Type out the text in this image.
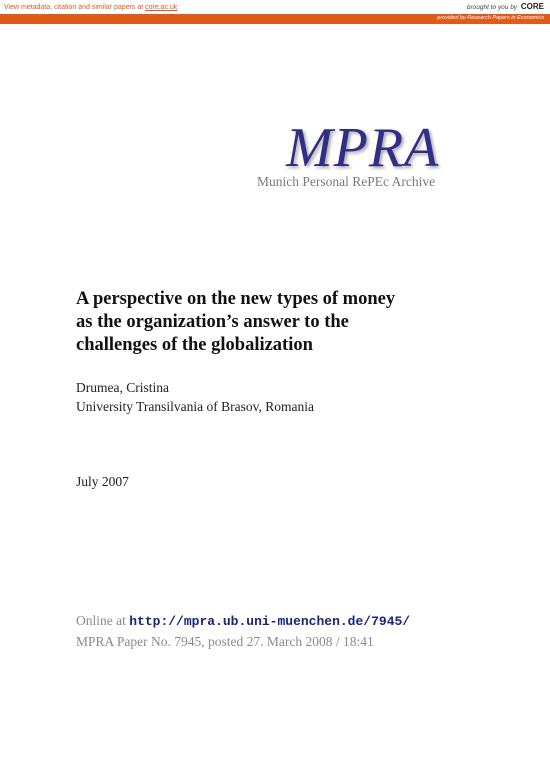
View metadata, citation and similar papers at core.ac.uk	brought to you by CORE
provided by Research Papers in Economics
MPRA
Munich Personal RePEc Archive
A perspective on the new types of money
as the organization’s answer to the
challenges of the globalization
Drumea, Cristina
University Transilvania of Brasov, Romania
July 2007
Online at http://mpra.ub.uni-muenchen.de/7945/
MPRA Paper No. 7945, posted 27. March 2008 / 18:41
